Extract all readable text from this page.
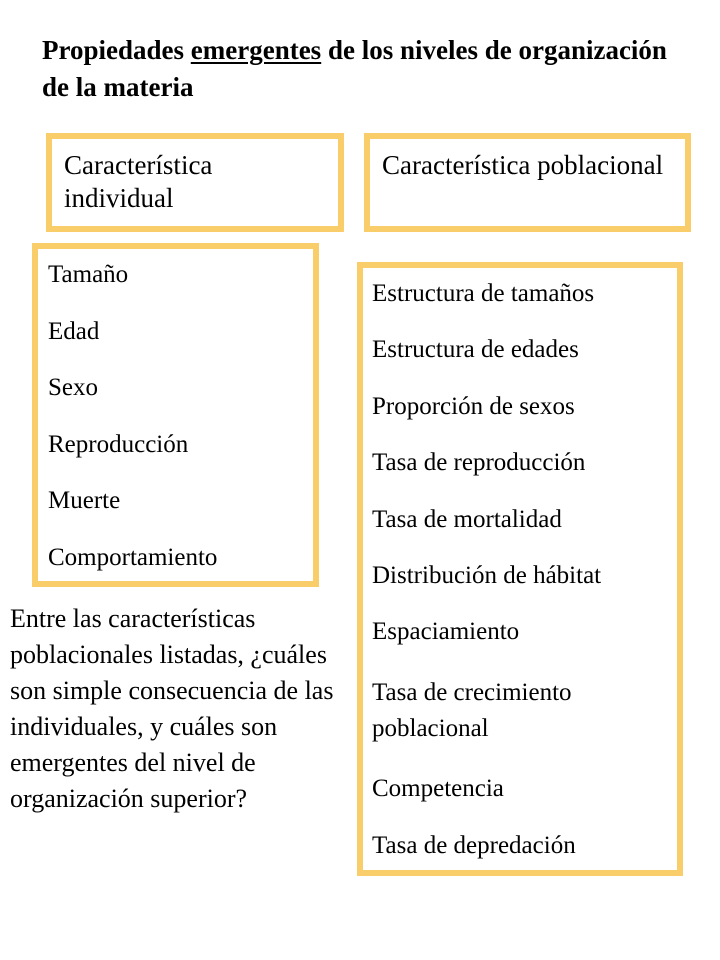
Propiedades emergentes de los niveles de organización de la materia
Característica individual
Característica poblacional
Tamaño
Edad
Sexo
Reproducción
Muerte
Comportamiento
Estructura de tamaños
Estructura de edades
Proporción de sexos
Tasa de reproducción
Tasa de mortalidad
Distribución de hábitat
Espaciamiento
Tasa de crecimiento poblacional
Competencia
Tasa de depredación
Entre las características poblacionales listadas, ¿cuáles son simple consecuencia de las individuales, y cuáles son emergentes del nivel de organización superior?
